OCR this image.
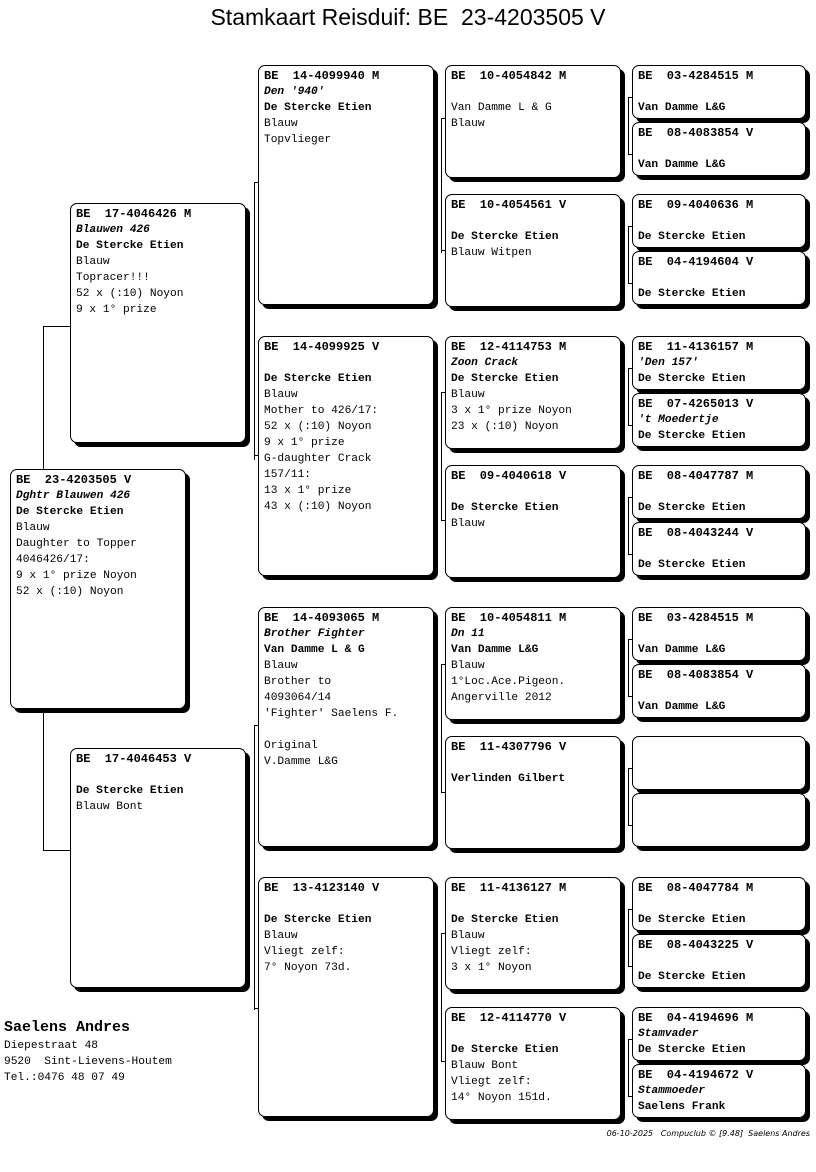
Stamkaart Reisduif: BE  23-4203505 V
BE  23-4203505 V
Dghtr Blauwen 426
De Stercke Etien
Blauw
Daughter to Topper
4046426/17:
9 x 1° prize Noyon
52 x (:10) Noyon
BE  17-4046426 M
Blauwen 426
De Stercke Etien
Blauw
Topracer!!!
52 x (:10) Noyon
9 x 1° prize
BE  17-4046453 V
De Stercke Etien
Blauw Bont
BE  14-4099940 M
Den '940'
De Stercke Etien
Blauw
Topvlieger
BE  14-4099925 V
De Stercke Etien
Blauw
Mother to 426/17:
52 x (:10) Noyon
9 x 1° prize
G-daughter Crack
157/11:
13 x 1° prize
43 x (:10) Noyon
BE  14-4093065 M
Brother Fighter
Van Damme L & G
Blauw
Brother to
4093064/14
'Fighter' Saelens F.
Original
V.Damme L&G
BE  13-4123140 V
De Stercke Etien
Blauw
Vliegt zelf:
7° Noyon 73d.
BE  10-4054842 M
Van Damme L & G
Blauw
BE  10-4054561 V
De Stercke Etien
Blauw Witpen
BE  12-4114753 M
Zoon Crack
De Stercke Etien
Blauw
3 x 1° prize Noyon
23 x (:10) Noyon
BE  09-4040618 V
De Stercke Etien
Blauw
BE  10-4054811 M
Dn 11
Van Damme L&G
Blauw
1°Loc.Ace.Pigeon.
Angerville 2012
BE  11-4307796 V
Verlinden Gilbert
BE  11-4136127 M
De Stercke Etien
Blauw
Vliegt zelf:
3 x 1° Noyon
BE  12-4114770 V
De Stercke Etien
Blauw Bont
Vliegt zelf:
14° Noyon 151d.
BE  03-4284515 M
Van Damme L&G
BE  08-4083854 V
Van Damme L&G
BE  09-4040636 M
De Stercke Etien
BE  04-4194604 V
De Stercke Etien
BE  11-4136157 M
'Den 157'
De Stercke Etien
BE  07-4265013 V
't Moedertje
De Stercke Etien
BE  08-4047787 M
De Stercke Etien
BE  08-4043244 V
De Stercke Etien
BE  03-4284515 M
Van Damme L&G
BE  08-4083854 V
Van Damme L&G
BE  08-4047784 M
De Stercke Etien
BE  08-4043225 V
De Stercke Etien
BE  04-4194696 M
Stamvader
De Stercke Etien
BE  04-4194672 V
Stammoeder
Saelens Frank
Saelens Andres
Diepestraat 48
9520  Sint-Lievens-Houtem
Tel.:0476 48 07 49
06-10-2025   Compuclub © [9.48]  Saelens Andres
